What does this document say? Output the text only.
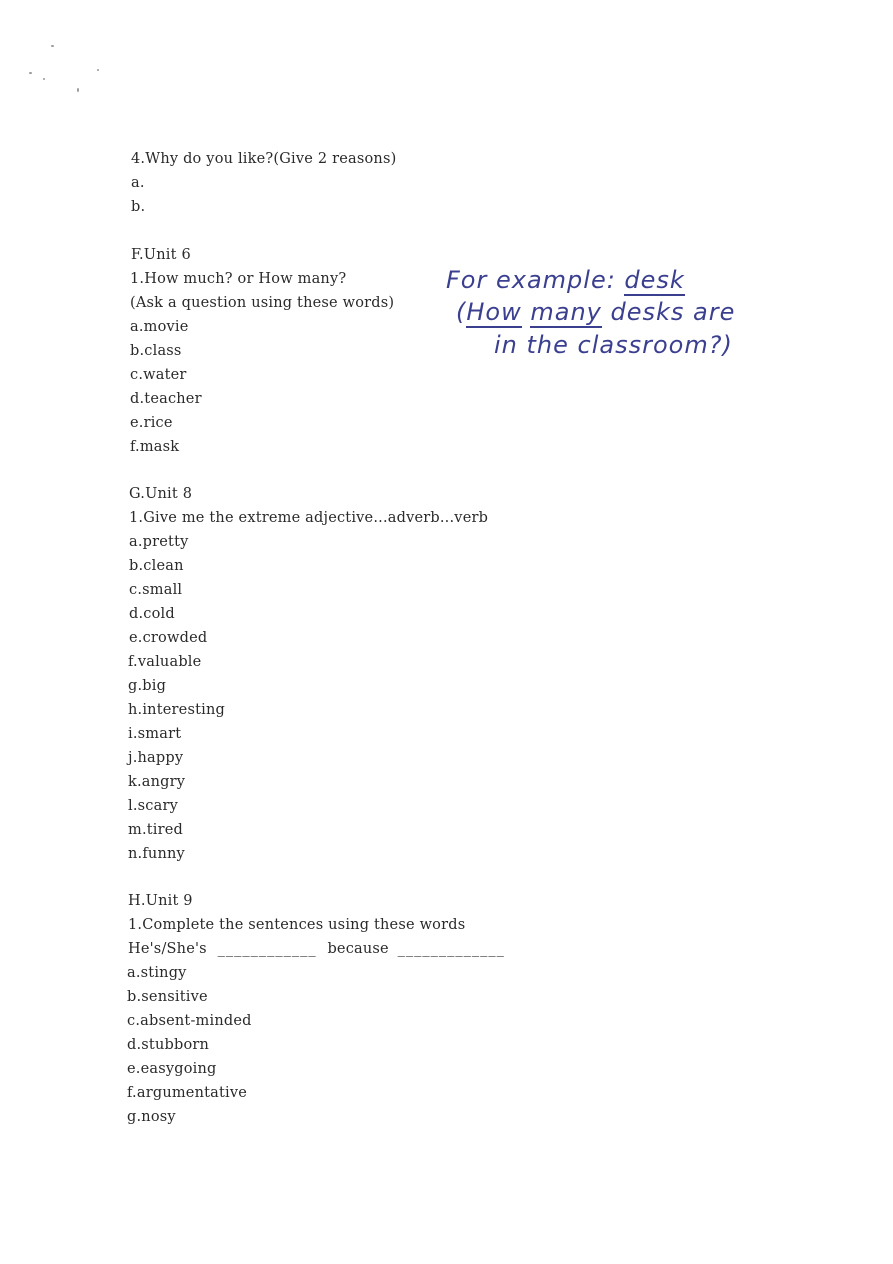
4.Why do you like?(Give 2 reasons)
a.
b.
F.Unit 6
1.How much? or How many?
(Ask a question using these words)
a.movie
b.class
c.water
d.teacher
e.rice
f.mask
For example: desk
(How many desks are
in the classroom?)
G.Unit 8
1.Give me the extreme adjective...adverb...verb
a.pretty
b.clean
c.small
d.cold
e.crowded
f.valuable
g.big
h.interesting
i.smart
j.happy
k.angry
l.scary
m.tired
n.funny
H.Unit 9
1.Complete the sentences using these words
He's/She's ____________ because _____________
a.stingy
b.sensitive
c.absent-minded
d.stubborn
e.easygoing
f.argumentative
g.nosy
